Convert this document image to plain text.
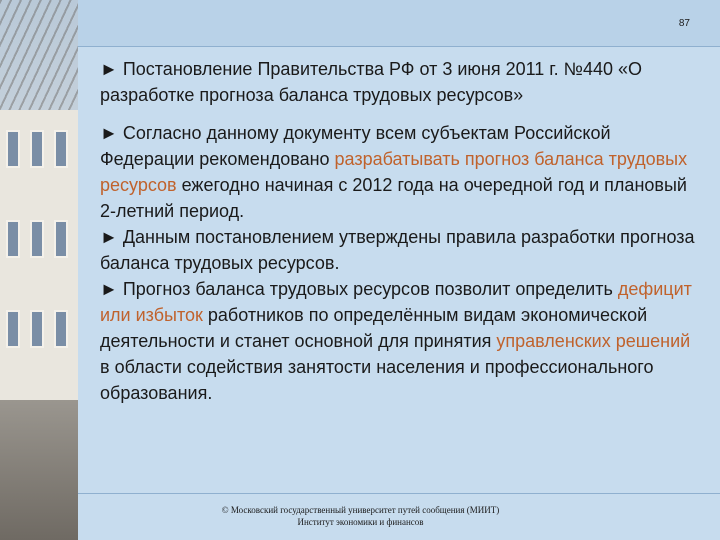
87

► Постановление Правительства РФ от 3 июня 2011 г. №440 «О разработке прогноза баланса трудовых ресурсов»

► Согласно данному документу всем субъектам Российской Федерации рекомендовано разрабатывать прогноз баланса трудовых ресурсов ежегодно начиная с 2012 года на очередной год и плановый 2-летний период.

► Данным постановлением утверждены правила разработки прогноза баланса трудовых ресурсов.

► Прогноз баланса трудовых ресурсов позволит определить дефицит или избыток работников по определённым видам экономической деятельности и станет основной для принятия управленских решений в области содействия занятости населения и профессионального образования.

© Московский государственный университет путей сообщения (МИИТ)
Институт экономики и финансов
